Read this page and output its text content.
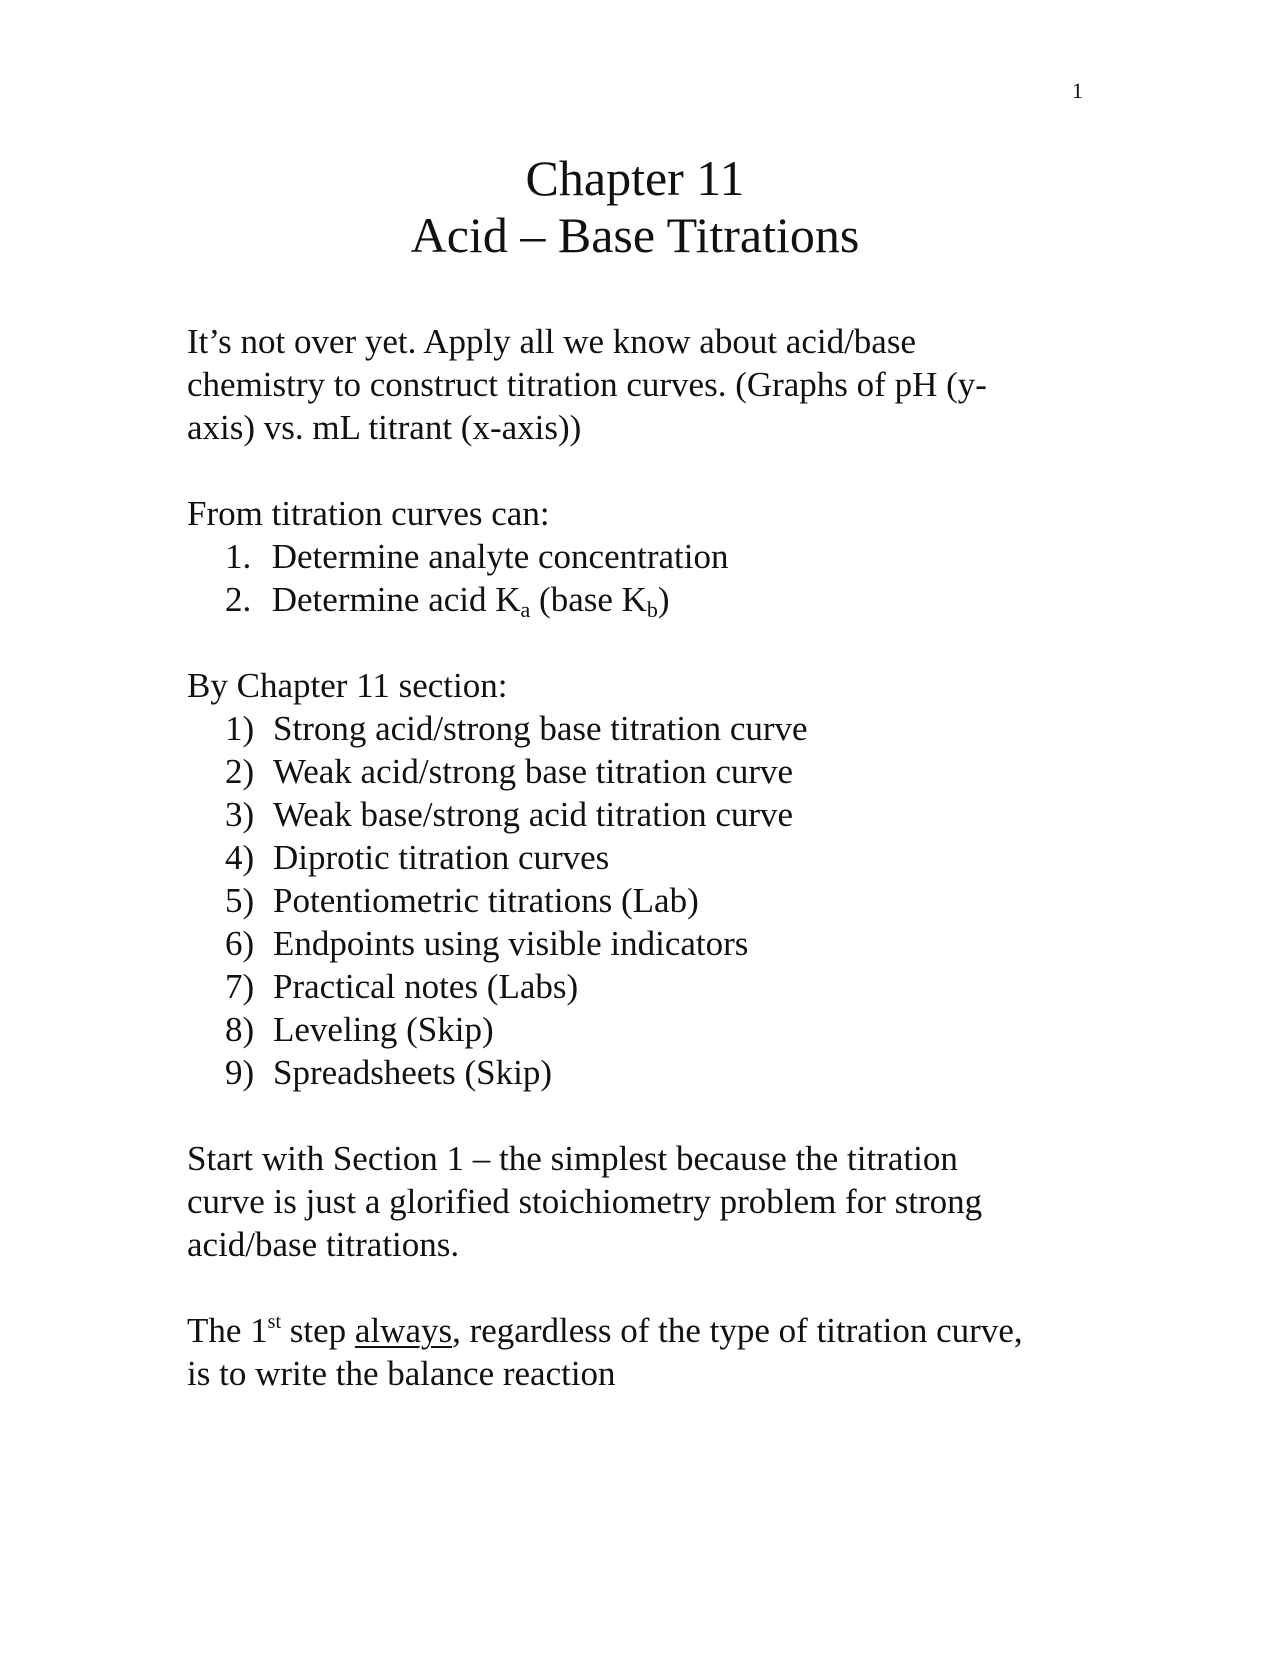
1
Chapter 11
Acid – Base Titrations

It’s not over yet. Apply all we know about acid/base
chemistry to construct titration curves. (Graphs of pH (y-
axis) vs. mL titrant (x-axis))

From titration curves can:

1. Determine analyte concentration
2. Determine acid $K_a$ (base $K_b$)

By Chapter 11 section:

1) Strong acid/strong base titration curve
2) Weak acid/strong base titration curve
3) Weak base/strong acid titration curve
4) Diprotic titration curves
5) Potentiometric titrations (Lab)
6) Endpoints using visible indicators
7) Practical notes (Labs)
8) Leveling (Skip)
9) Spreadsheets (Skip)

Start with Section 1 – the simplest because the titration
curve is just a glorified stoichiometry problem for strong
acid/base titrations.

The 1st step always, regardless of the type of titration curve,
is to write the balance reaction
